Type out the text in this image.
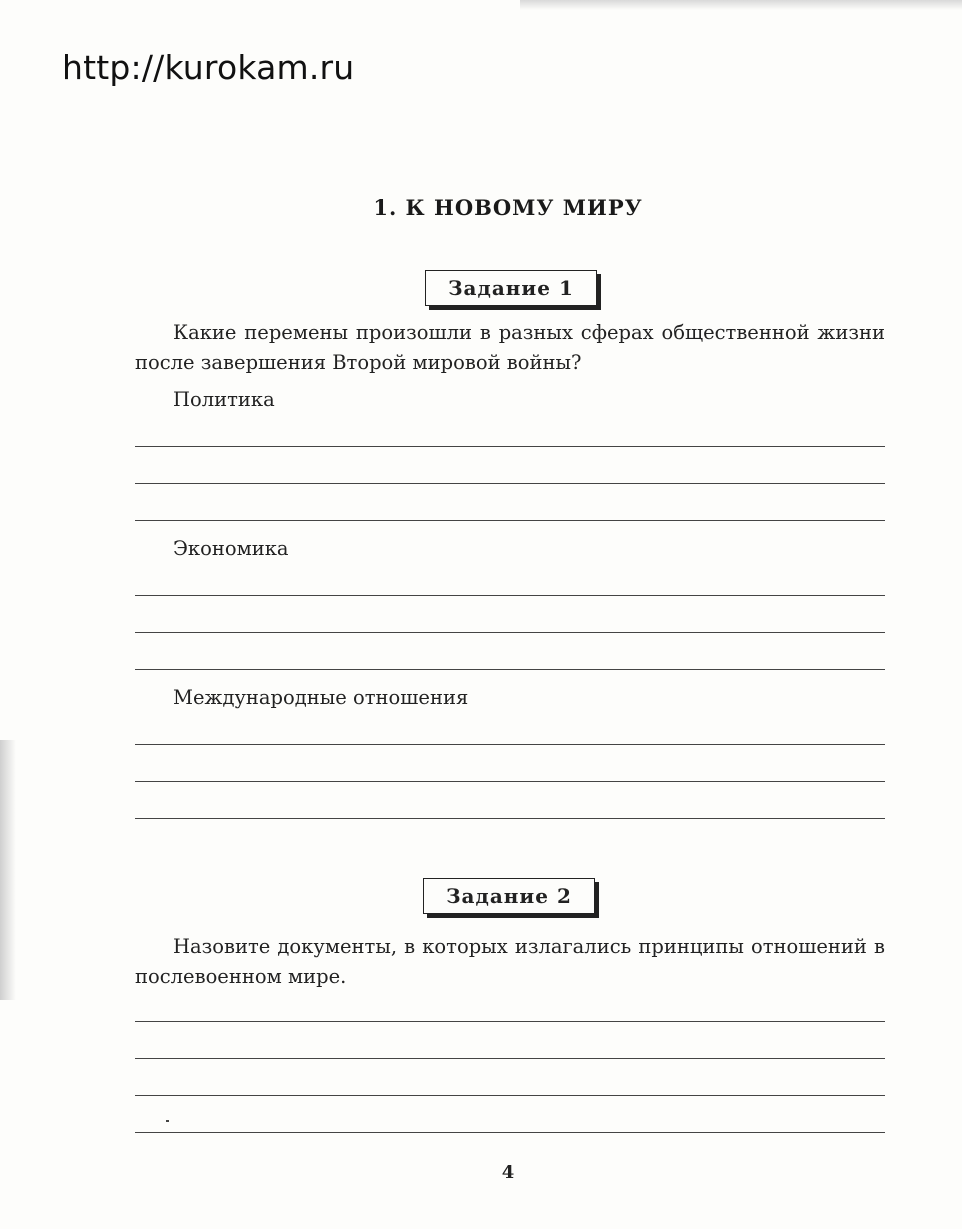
http://kurokam.ru
1. К НОВОМУ МИРУ
Задание 1
Какие перемены произошли в разных сферах общественной жизни после завершения Второй мировой войны?
Политика
Экономика
Международные отношения
Задание 2
Назовите документы, в которых излагались принципы отношений в послевоенном мире.
4
